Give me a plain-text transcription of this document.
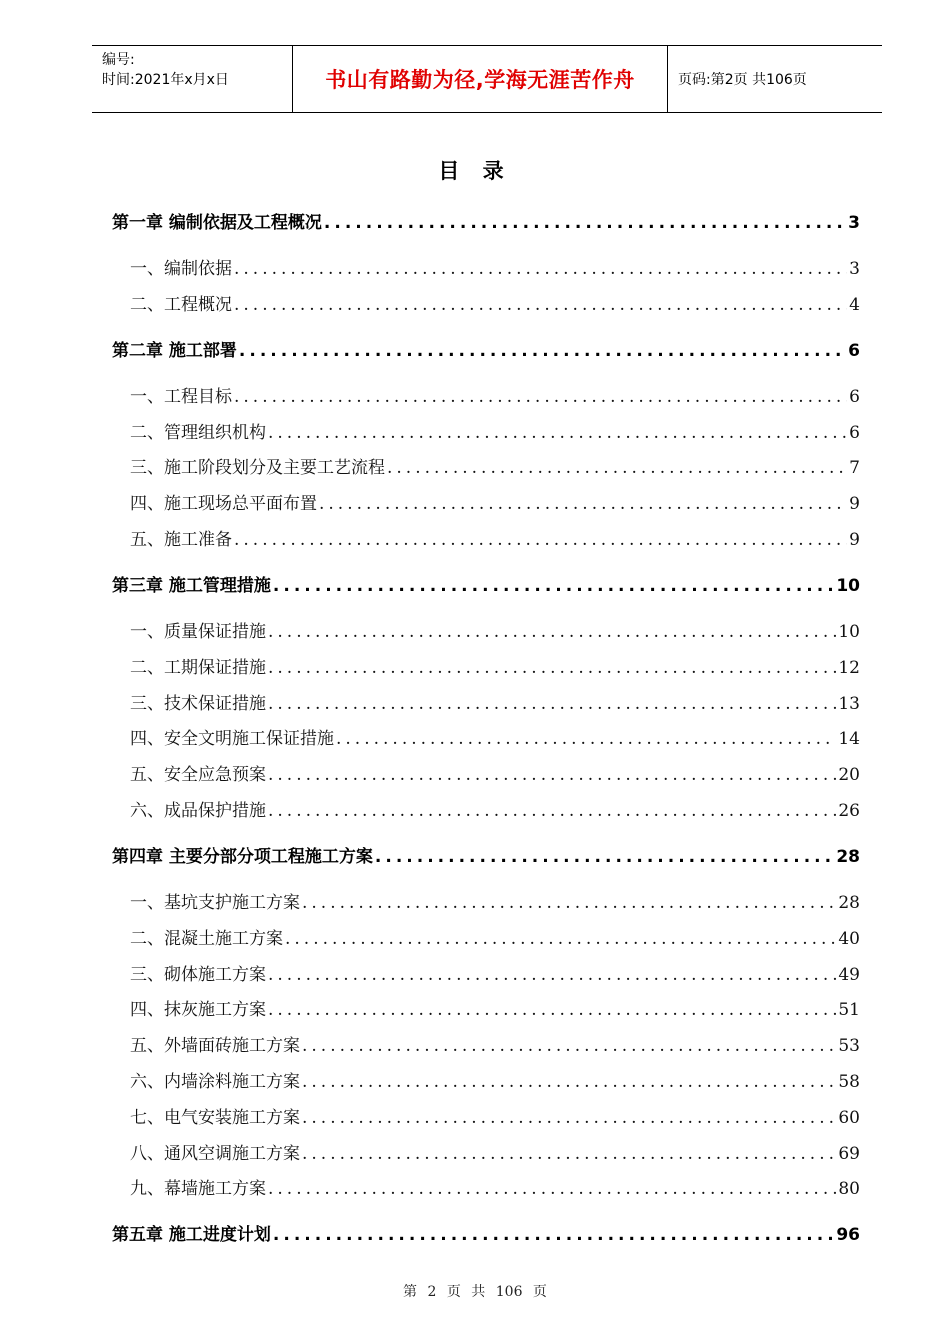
编号:
时间:2021年x月x日	书山有路勤为径,学海无涯苦作舟	页码:第2页 共106页
目 录
第一章 编制依据及工程概况 .....	3
一、编制依据 .....	3
二、工程概况 .....	4
第二章 施工部署 .....	6
一、工程目标 .....	6
二、管理组织机构 .....	6
三、施工阶段划分及主要工艺流程 .....	7
四、施工现场总平面布置 .....	9
五、施工准备 .....	9
第三章 施工管理措施 .....	10
一、质量保证措施 .....	10
二、工期保证措施 .....	12
三、技术保证措施 .....	13
四、安全文明施工保证措施 .....	14
五、安全应急预案 .....	20
六、成品保护措施 .....	26
第四章 主要分部分项工程施工方案 .....	28
一、基坑支护施工方案 .....	28
二、混凝土施工方案 .....	40
三、砌体施工方案 .....	49
四、抹灰施工方案 .....	51
五、外墙面砖施工方案 .....	53
六、内墙涂料施工方案 .....	58
七、电气安装施工方案 .....	60
八、通风空调施工方案 .....	69
九、幕墙施工方案 .....	80
第五章 施工进度计划 .....	96
第 2 页 共 106 页
